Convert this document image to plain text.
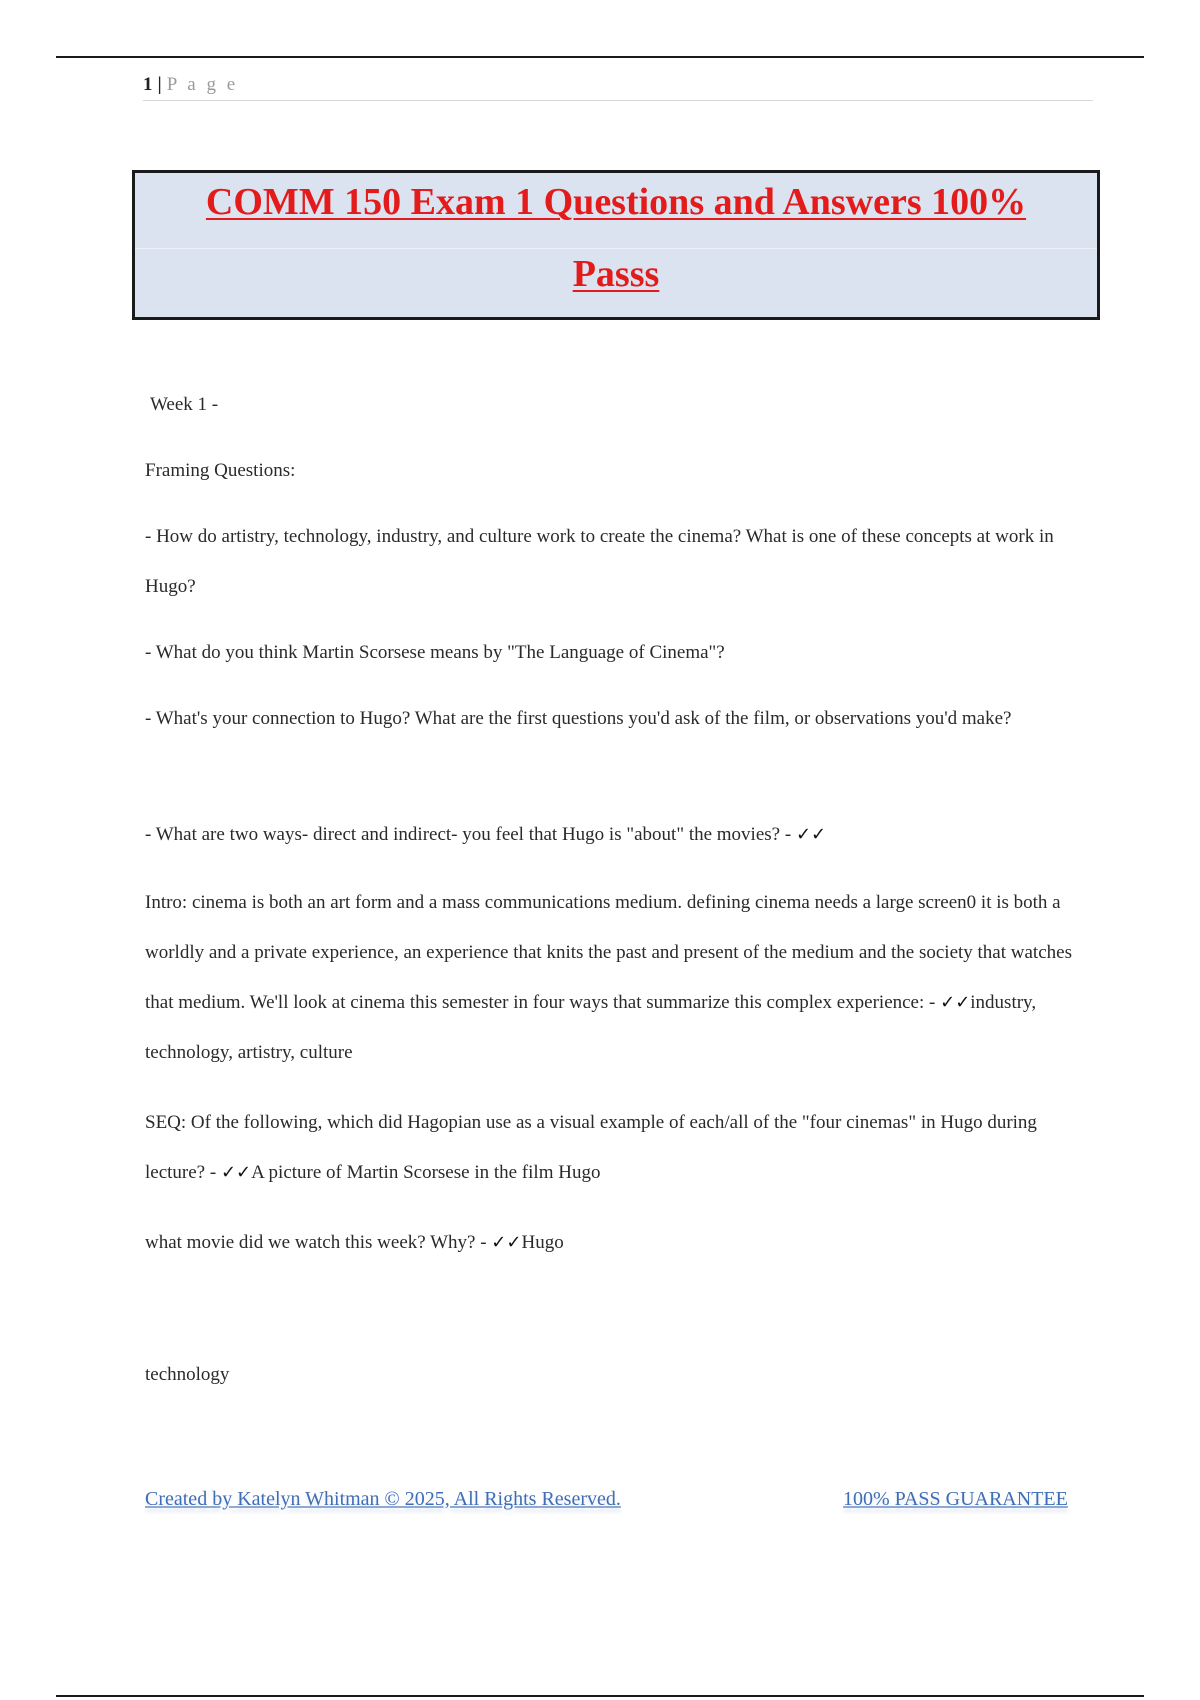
1 | P a g e
COMM 150 Exam 1 Questions and Answers 100%
Passs

Week 1 -

Framing Questions:

- How do artistry, technology, industry, and culture work to create the cinema? What is one of these concepts at work in Hugo?

- What do you think Martin Scorsese means by "The Language of Cinema"?

- What's your connection to Hugo? What are the first questions you'd ask of the film, or observations you'd make?

- What are two ways- direct and indirect- you feel that Hugo is "about" the movies? - ✓✓

Intro: cinema is both an art form and a mass communications medium. defining cinema needs a large screen0 it is both a worldly and a private experience, an experience that knits the past and present of the medium and the society that watches that medium. We'll look at cinema this semester in four ways that summarize this complex experience: - ✓✓industry, technology, artistry, culture

SEQ: Of the following, which did Hagopian use as a visual example of each/all of the "four cinemas" in Hugo during lecture? - ✓✓A picture of Martin Scorsese in the film Hugo

what movie did we watch this week? Why? - ✓✓Hugo

technology

Created by Katelyn Whitman © 2025, All Rights Reserved.	100% PASS GUARANTEE
